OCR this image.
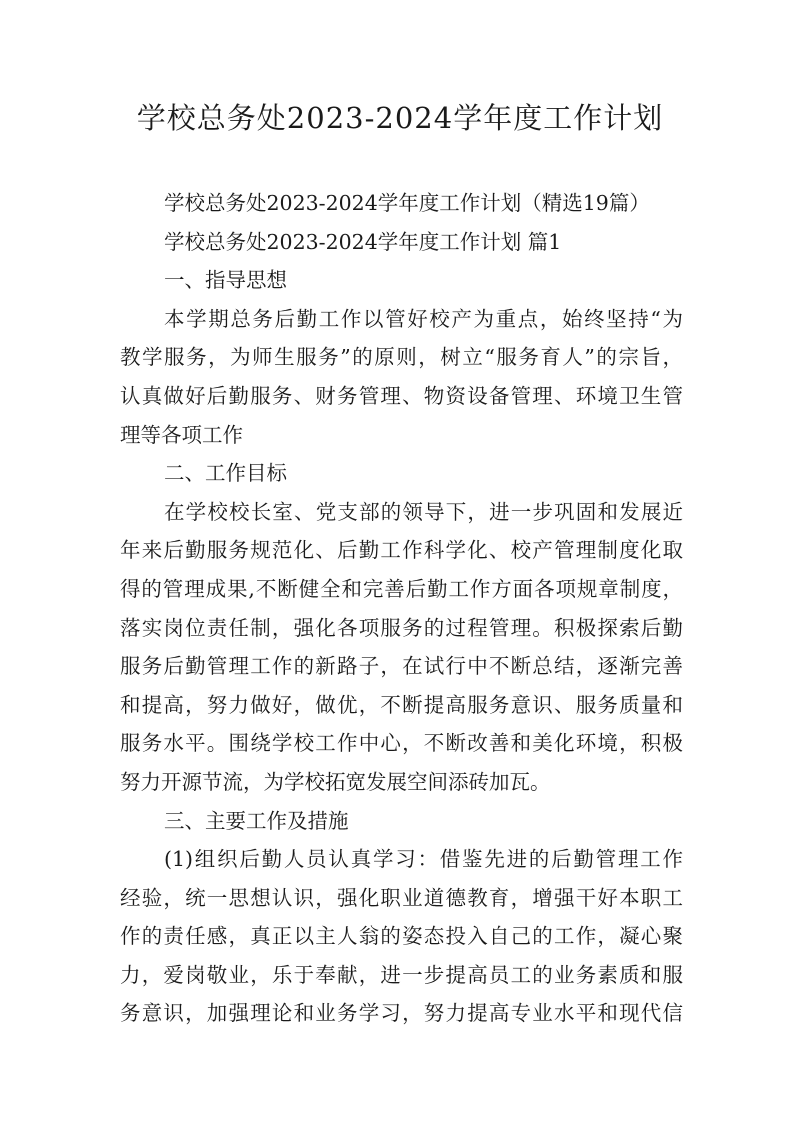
学校总务处2023-2024学年度工作计划
学校总务处2023-2024学年度工作计划（精选19篇）
学校总务处2023-2024学年度工作计划 篇1
一、指导思想
本学期总务后勤工作以管好校产为重点，始终坚持“为
教学服务，为师生服务”的原则，树立“服务育人”的宗旨，
认真做好后勤服务、财务管理、物资设备管理、环境卫生管
理等各项工作
二、工作目标
在学校校长室、党支部的领导下，进一步巩固和发展近
年来后勤服务规范化、后勤工作科学化、校产管理制度化取
得的管理成果,不断健全和完善后勤工作方面各项规章制度，
落实岗位责任制，强化各项服务的过程管理。积极探索后勤
服务后勤管理工作的新路子，在试行中不断总结，逐渐完善
和提高，努力做好，做优，不断提高服务意识、服务质量和
服务水平。围绕学校工作中心，不断改善和美化环境，积极
努力开源节流，为学校拓宽发展空间添砖加瓦。
三、主要工作及措施
(1)组织后勤人员认真学习：借鉴先进的后勤管理工作
经验，统一思想认识，强化职业道德教育，增强干好本职工
作的责任感，真正以主人翁的姿态投入自己的工作，凝心聚
力，爱岗敬业，乐于奉献，进一步提高员工的业务素质和服
务意识，加强理论和业务学习，努力提高专业水平和现代信
